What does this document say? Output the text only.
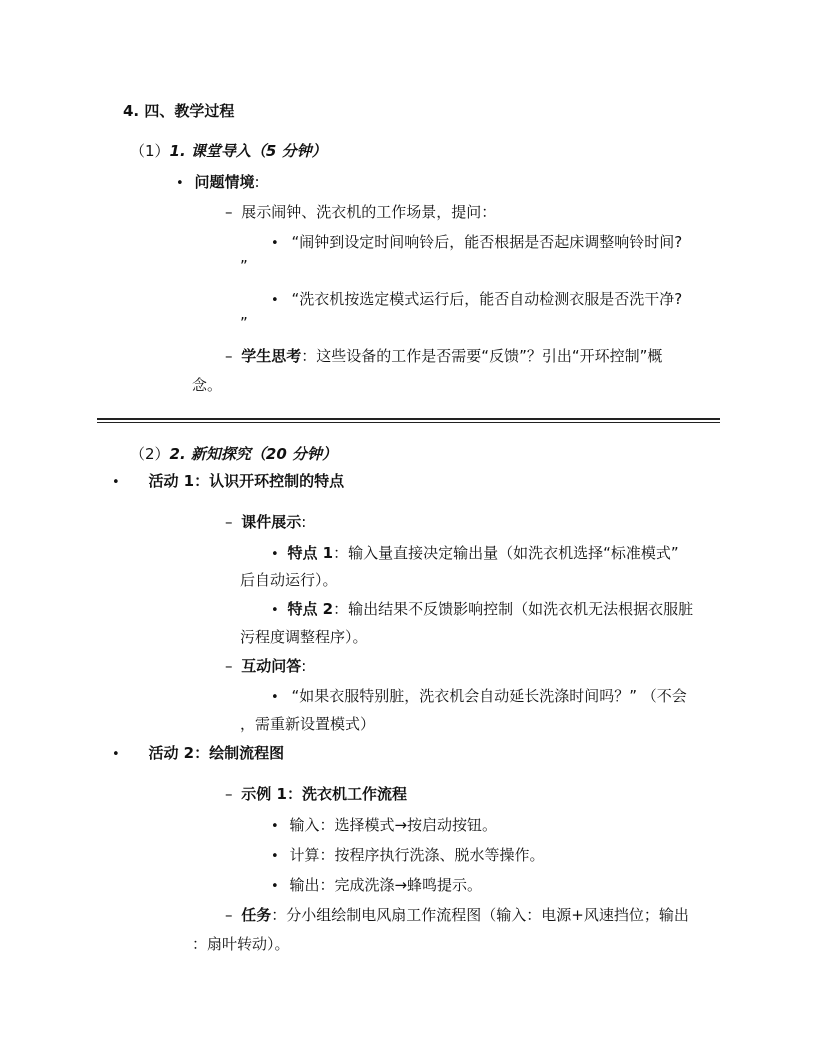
4. 四、教学过程
（1）1. 课堂导入（5 分钟）
• 问题情境:
– 展示闹钟、洗衣机的工作场景，提问：
• “闹钟到设定时间响铃后，能否根据是否起床调整响铃时间?
”
• “洗衣机按选定模式运行后，能否自动检测衣服是否洗干净?
”
– 学生思考：这些设备的工作是否需要“反馈”？引出“开环控制”概
念。
（2）2. 新知探究（20 分钟）
• 活动 1：认识开环控制的特点
– 课件展示:
• 特点 1：输入量直接决定输出量（如洗衣机选择“标准模式”
后自动运行）。
• 特点 2：输出结果不反馈影响控制（如洗衣机无法根据衣服脏
污程度调整程序）。
– 互动问答:
• “如果衣服特别脏，洗衣机会自动延长洗涤时间吗？” （不会
，需重新设置模式）
• 活动 2：绘制流程图
– 示例 1：洗衣机工作流程
• 输入：选择模式→按启动按钮。
• 计算：按程序执行洗涤、脱水等操作。
• 输出：完成洗涤→蜂鸣提示。
– 任务：分小组绘制电风扇工作流程图（输入：电源+风速挡位；输出
：扇叶转动）。
